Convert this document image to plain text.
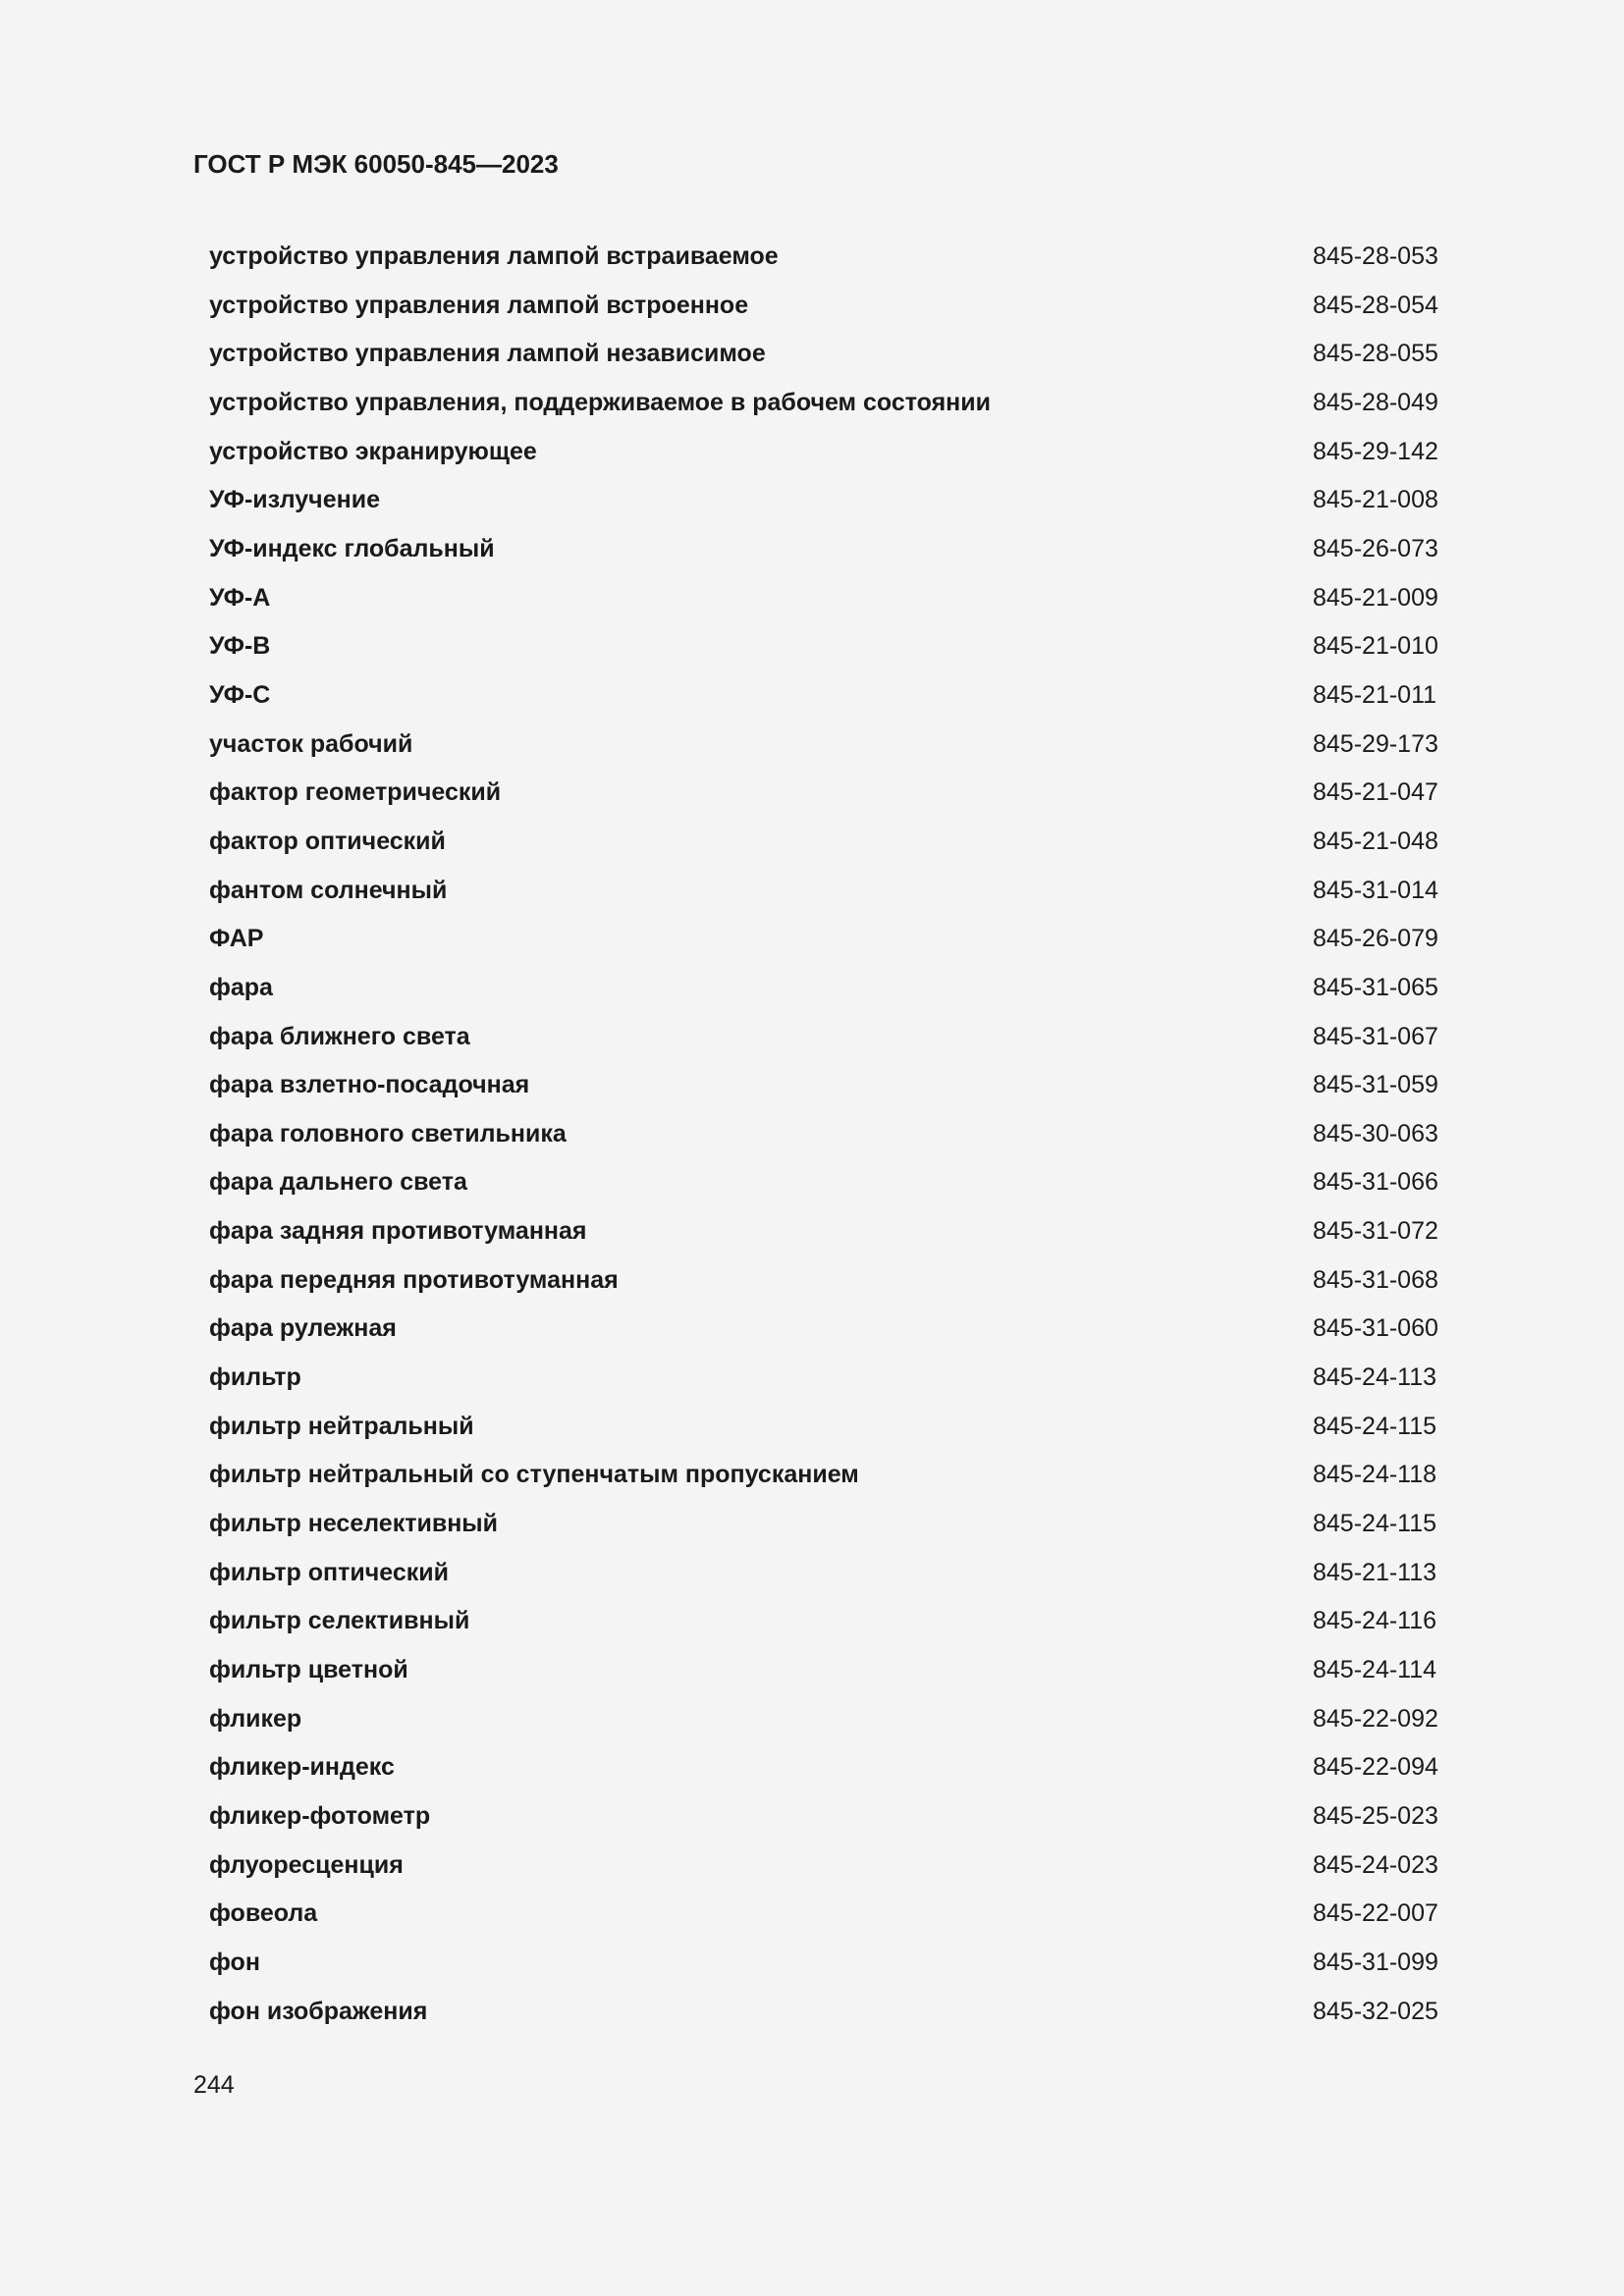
ГОСТ Р МЭК 60050-845—2023
устройство управления лампой встраиваемое	845-28-053
устройство управления лампой встроенное	845-28-054
устройство управления лампой независимое	845-28-055
устройство управления, поддерживаемое в рабочем состоянии	845-28-049
устройство экранирующее	845-29-142
УФ-излучение	845-21-008
УФ-индекс глобальный	845-26-073
УФ-А	845-21-009
УФ-В	845-21-010
УФ-С	845-21-011
участок рабочий	845-29-173
фактор геометрический	845-21-047
фактор оптический	845-21-048
фантом солнечный	845-31-014
ФАР	845-26-079
фара	845-31-065
фара ближнего света	845-31-067
фара взлетно-посадочная	845-31-059
фара головного светильника	845-30-063
фара дальнего света	845-31-066
фара задняя противотуманная	845-31-072
фара передняя противотуманная	845-31-068
фара рулежная	845-31-060
фильтр	845-24-113
фильтр нейтральный	845-24-115
фильтр нейтральный со ступенчатым пропусканием	845-24-118
фильтр неселективный	845-24-115
фильтр оптический	845-21-113
фильтр селективный	845-24-116
фильтр цветной	845-24-114
фликер	845-22-092
фликер-индекс	845-22-094
фликер-фотометр	845-25-023
флуоресценция	845-24-023
фовеола	845-22-007
фон	845-31-099
фон изображения	845-32-025
244
